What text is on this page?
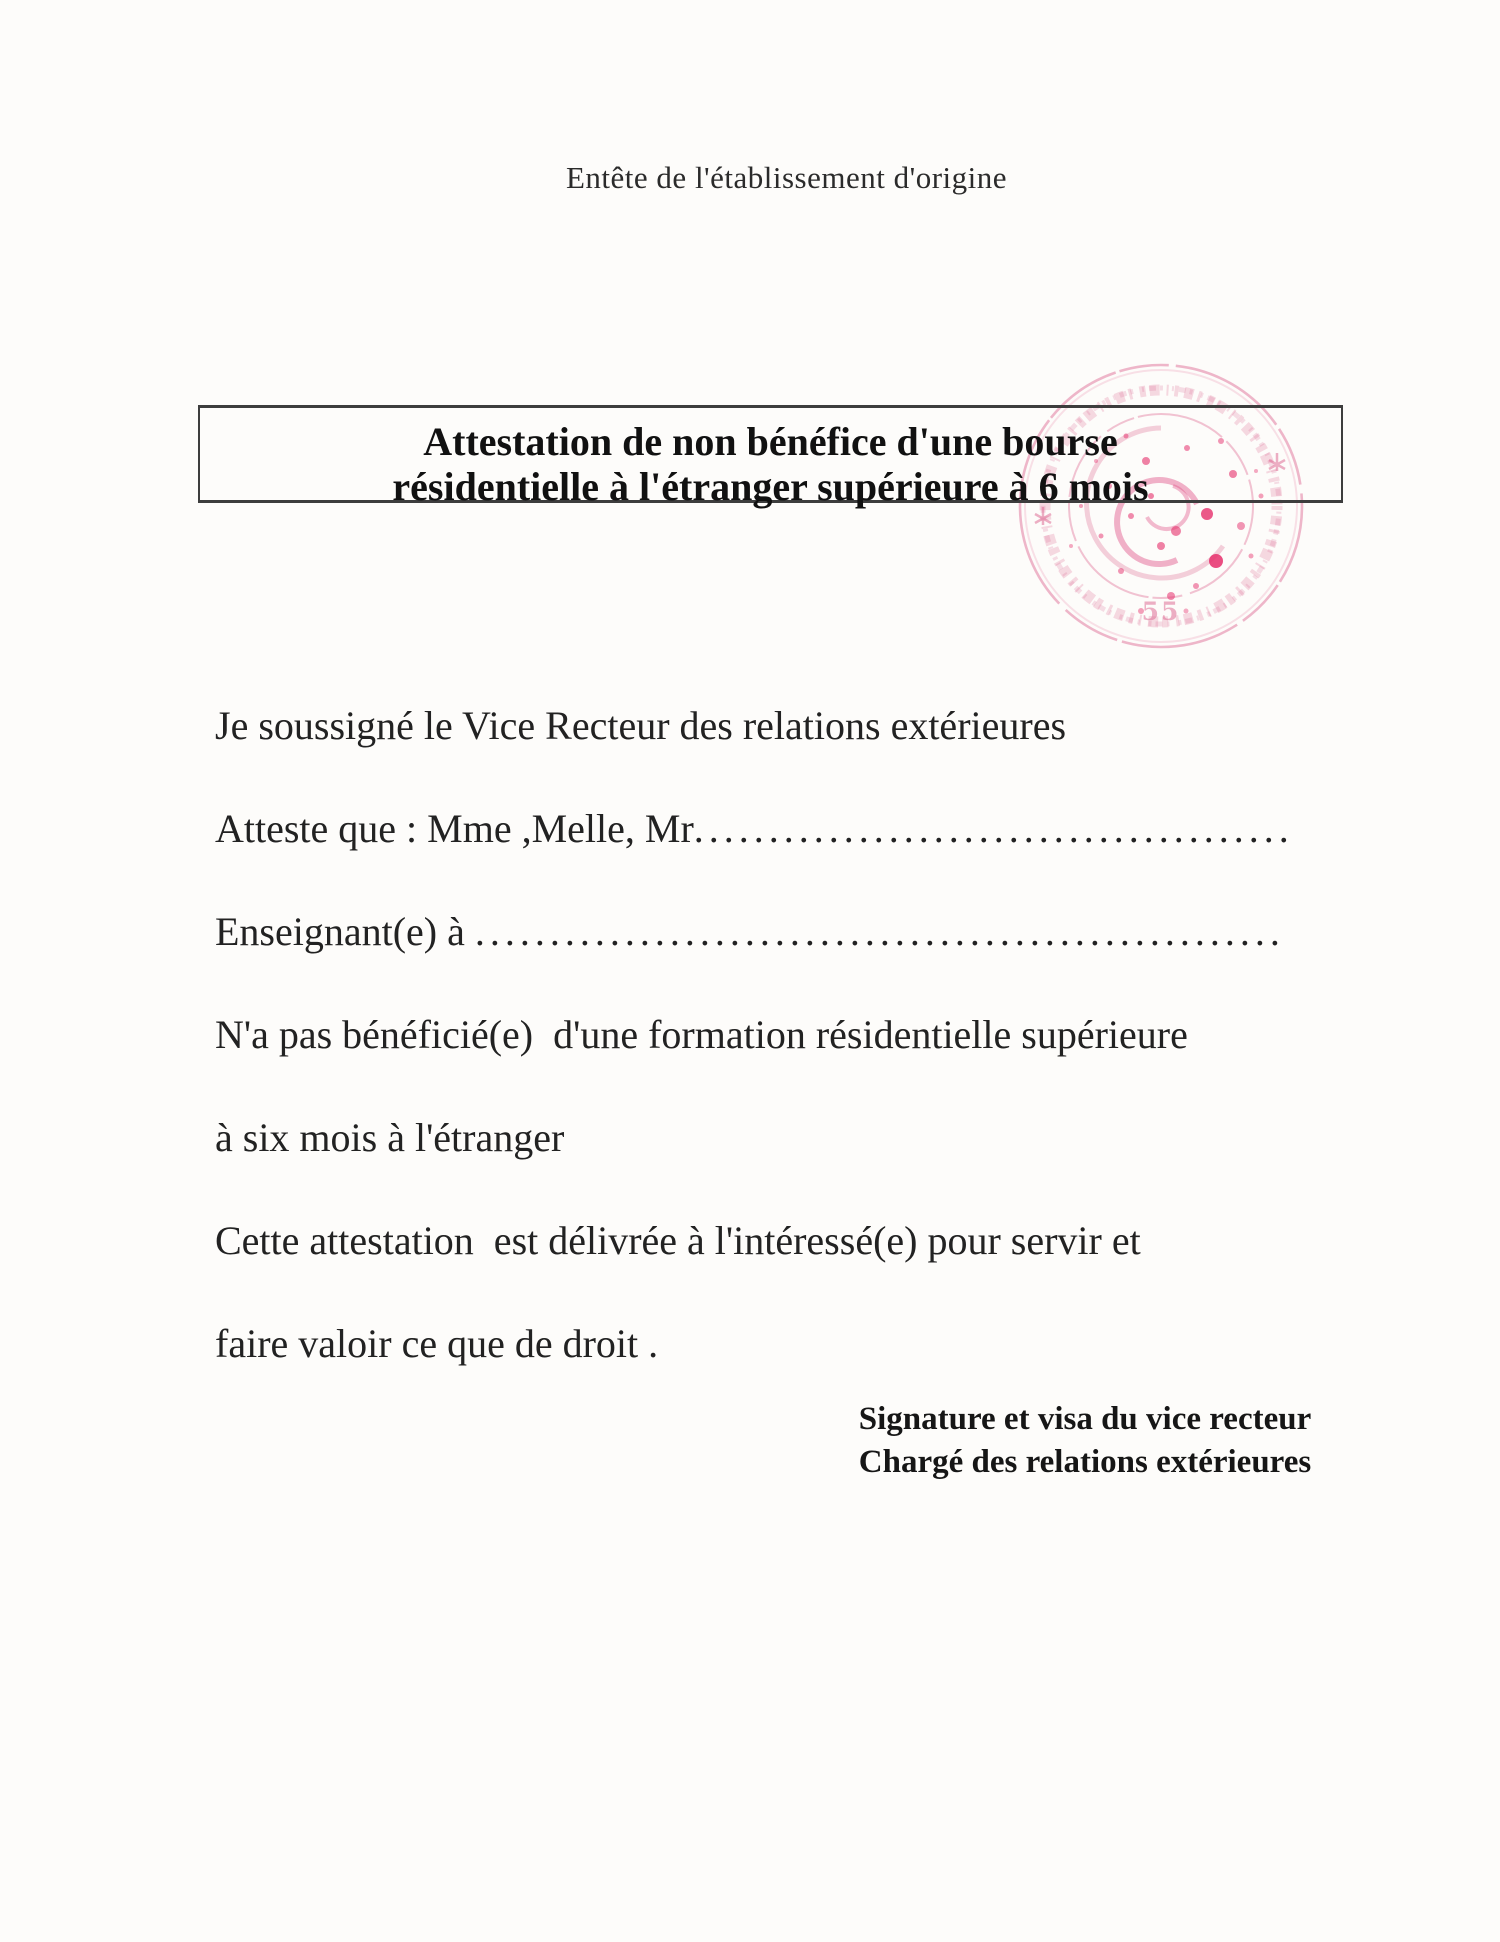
Entête de l'établissement d'origine
55
Attestation de non bénéfice d'une bourse
résidentielle à l'étranger supérieure à 6 mois
Je soussigné le Vice Recteur des relations extérieures
Atteste que : Mme ,Melle, Mr........................................
Enseignant(e) à ......................................................
N'a pas bénéficié(e)  d'une formation résidentielle supérieure
à six mois à l'étranger
Cette attestation  est délivrée à l'intéressé(e) pour servir et
faire valoir ce que de droit .
Signature et visa du vice recteur
Chargé des relations extérieures
